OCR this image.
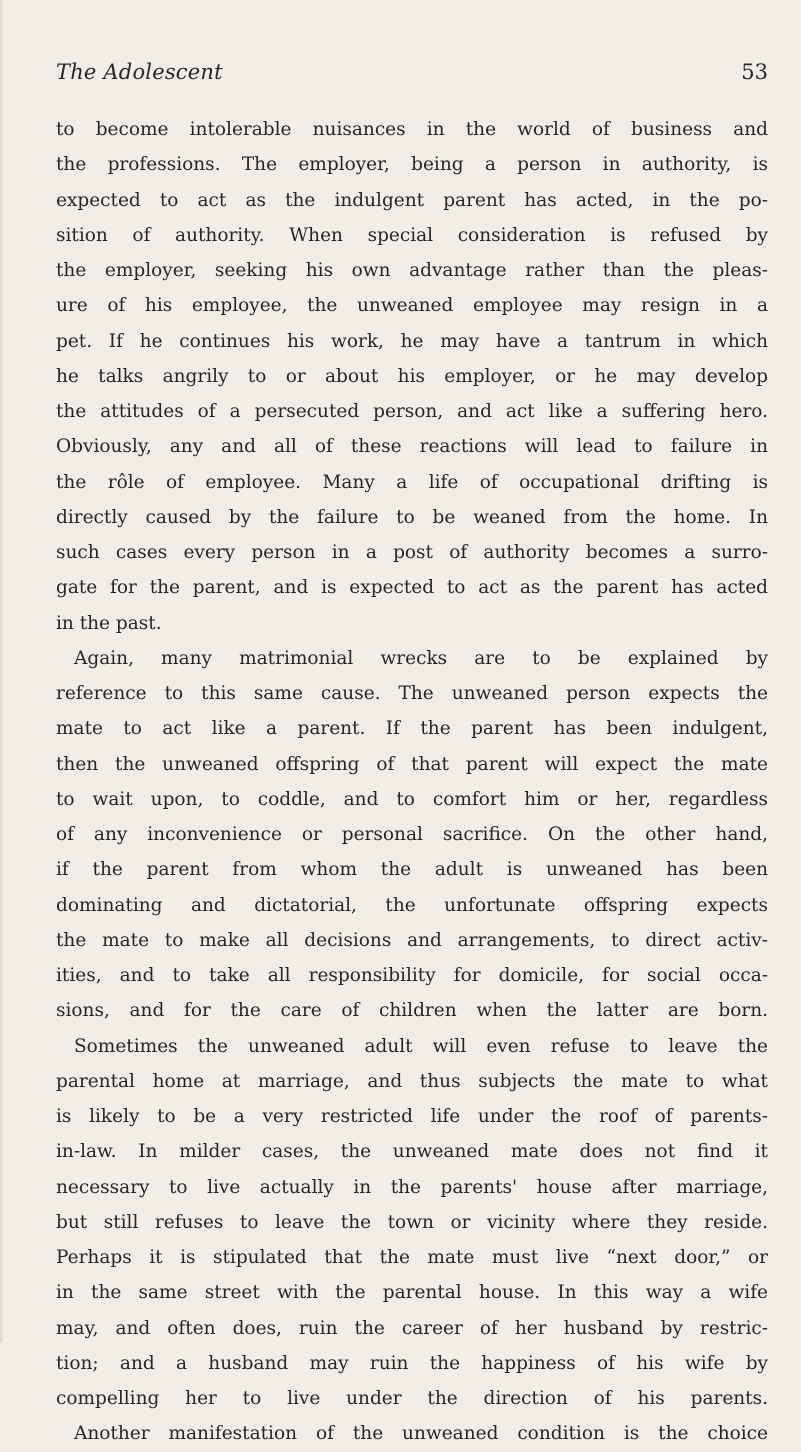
The Adolescent	53
to become intolerable nuisances in the world of business and
the professions. The employer, being a person in authority, is
expected to act as the indulgent parent has acted, in the po-
sition of authority. When special consideration is refused by
the employer, seeking his own advantage rather than the pleas-
ure of his employee, the unweaned employee may resign in a
pet. If he continues his work, he may have a tantrum in which
he talks angrily to or about his employer, or he may develop
the attitudes of a persecuted person, and act like a suffering hero.
Obviously, any and all of these reactions will lead to failure in
the rôle of employee. Many a life of occupational drifting is
directly caused by the failure to be weaned from the home. In
such cases every person in a post of authority becomes a surro-
gate for the parent, and is expected to act as the parent has acted
in the past.
Again, many matrimonial wrecks are to be explained by
reference to this same cause. The unweaned person expects the
mate to act like a parent. If the parent has been indulgent,
then the unweaned offspring of that parent will expect the mate
to wait upon, to coddle, and to comfort him or her, regardless
of any inconvenience or personal sacrifice. On the other hand,
if the parent from whom the adult is unweaned has been
dominating and dictatorial, the unfortunate offspring expects
the mate to make all decisions and arrangements, to direct activ-
ities, and to take all responsibility for domicile, for social occa-
sions, and for the care of children when the latter are born.
Sometimes the unweaned adult will even refuse to leave the
parental home at marriage, and thus subjects the mate to what
is likely to be a very restricted life under the roof of parents-
in-law. In milder cases, the unweaned mate does not find it
necessary to live actually in the parents' house after marriage,
but still refuses to leave the town or vicinity where they reside.
Perhaps it is stipulated that the mate must live “next door,” or
in the same street with the parental house. In this way a wife
may, and often does, ruin the career of her husband by restric-
tion; and a husband may ruin the happiness of his wife by
compelling her to live under the direction of his parents.
Another manifestation of the unweaned condition is the choice
